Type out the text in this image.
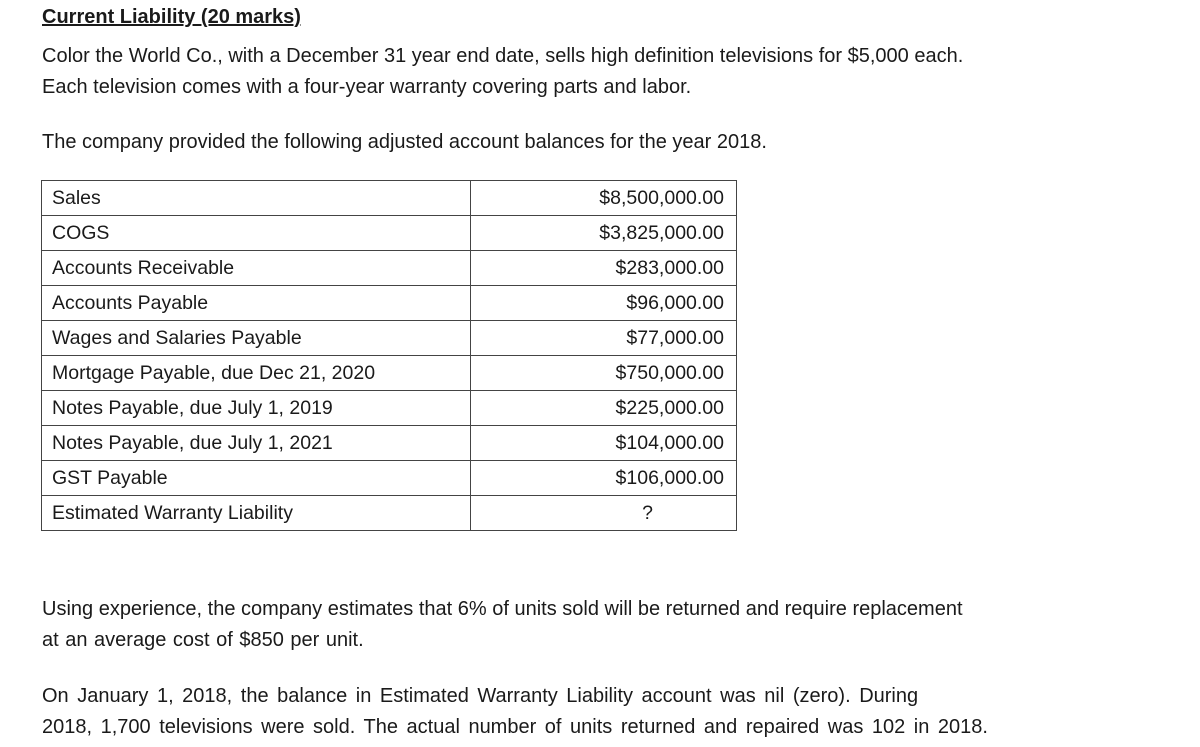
Current Liability (20 marks)

Color the World Co., with a December 31 year end date, sells high definition televisions for $5,000 each.
Each television comes with a four-year warranty covering parts and labor.

The company provided the following adjusted account balances for the year 2018.

Sales	$8,500,000.00
COGS	$3,825,000.00
Accounts Receivable	$283,000.00
Accounts Payable	$96,000.00
Wages and Salaries Payable	$77,000.00
Mortgage Payable, due Dec 21, 2020	$750,000.00
Notes Payable, due July 1, 2019	$225,000.00
Notes Payable, due July 1, 2021	$104,000.00
GST Payable	$106,000.00
Estimated Warranty Liability	?

Using experience, the company estimates that 6% of units sold will be returned and require replacement
at an average cost of $850 per unit.

On January 1, 2018, the balance in Estimated Warranty Liability account was nil (zero). During
2018, 1,700 televisions were sold. The actual number of units returned and repaired was 102 in 2018.
